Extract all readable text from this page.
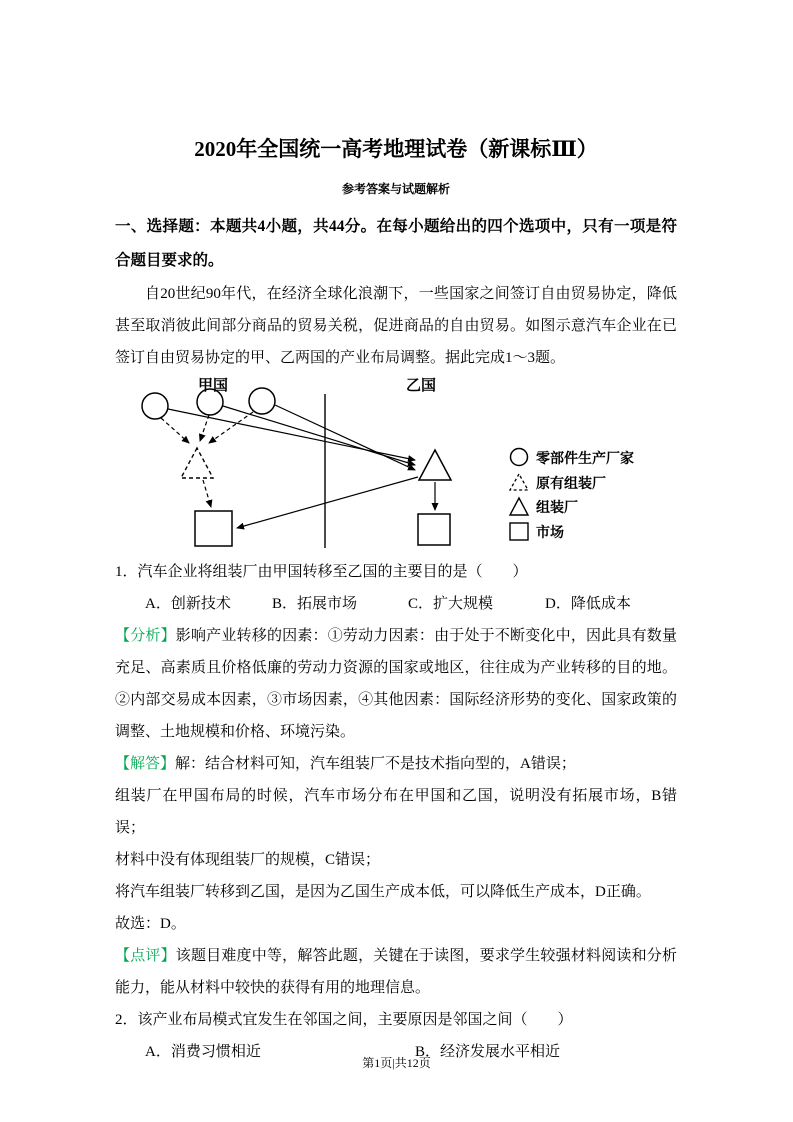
2020年全国统一高考地理试卷（新课标Ⅲ）
参考答案与试题解析
一、选择题：本题共4小题，共44分。在每小题给出的四个选项中，只有一项是符合题目要求的。
自20世纪90年代，在经济全球化浪潮下，一些国家之间签订自由贸易协定，降低甚至取消彼此间部分商品的贸易关税，促进商品的自由贸易。如图示意汽车企业在已签订自由贸易协定的甲、乙两国的产业布局调整。据此完成1～3题。
甲国	乙国
零部件生产厂家
原有组装厂
组装厂
市场
1．汽车企业将组装厂由甲国转移至乙国的主要目的是（　　）
A．创新技术	B．拓展市场	C．扩大规模	D．降低成本
【分析】影响产业转移的因素：①劳动力因素：由于处于不断变化中，因此具有数量充足、高素质且价格低廉的劳动力资源的国家或地区，往往成为产业转移的目的地。②内部交易成本因素，③市场因素，④其他因素：国际经济形势的变化、国家政策的调整、土地规模和价格、环境污染。
【解答】解：结合材料可知，汽车组装厂不是技术指向型的，A错误；
组装厂在甲国布局的时候，汽车市场分布在甲国和乙国，说明没有拓展市场，B错误；
材料中没有体现组装厂的规模，C错误；
将汽车组装厂转移到乙国，是因为乙国生产成本低，可以降低生产成本，D正确。
故选：D。
【点评】该题目难度中等，解答此题，关键在于读图，要求学生较强材料阅读和分析能力，能从材料中较快的获得有用的地理信息。
2．该产业布局模式宜发生在邻国之间，主要原因是邻国之间（　　）
A．消费习惯相近	B．经济发展水平相近
第1页|共12页
